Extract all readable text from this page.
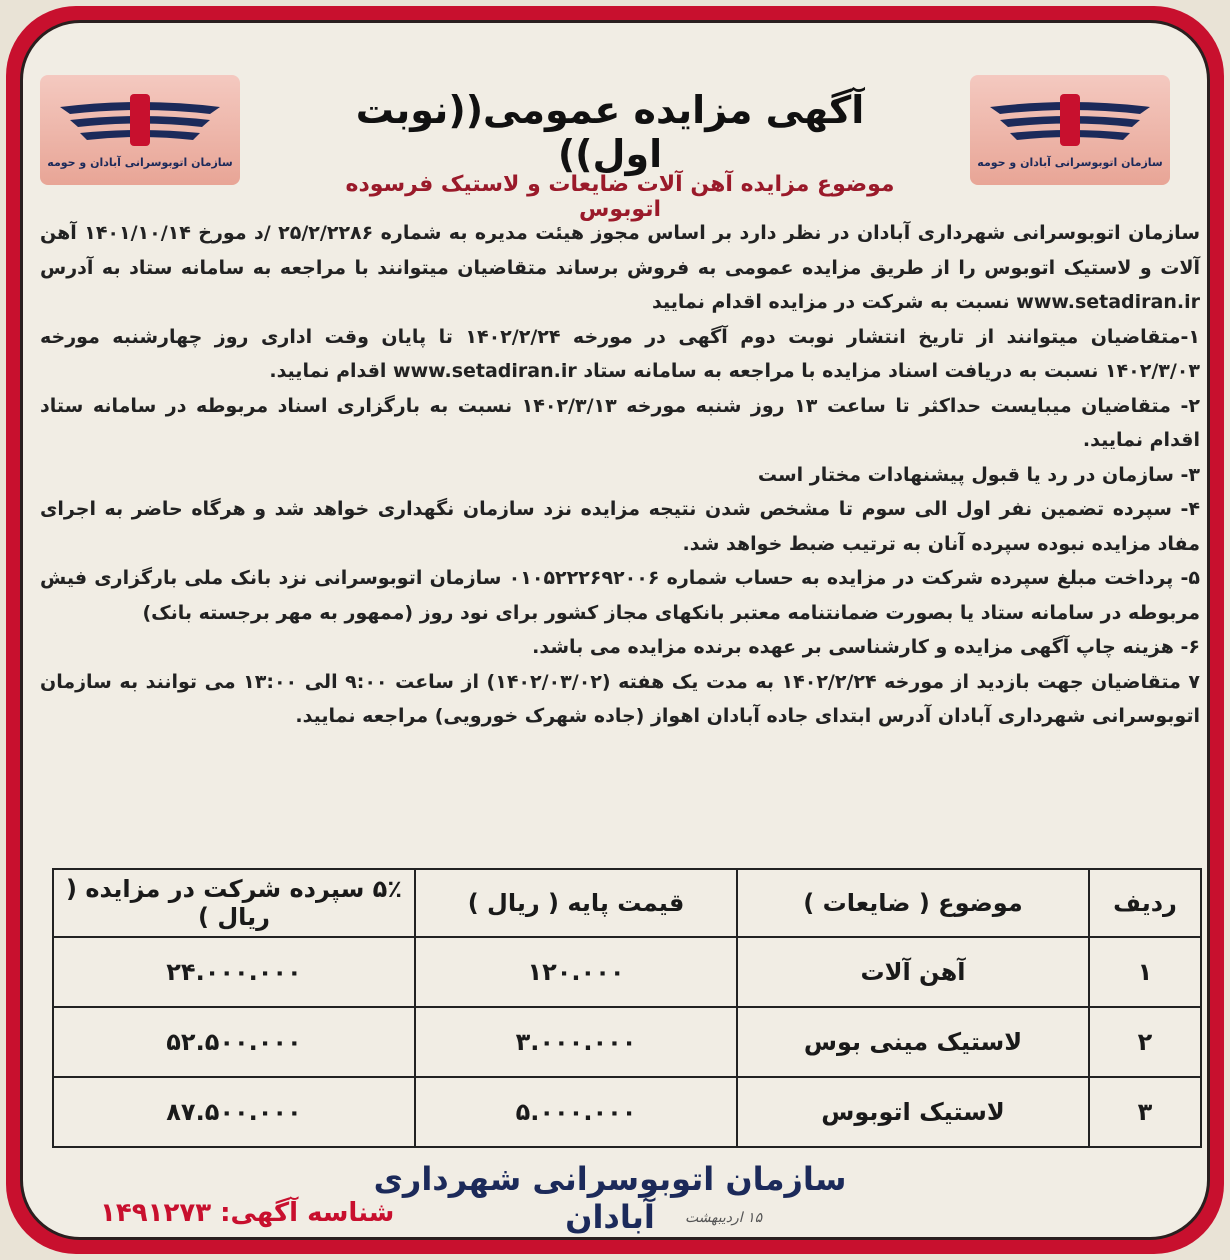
سازمان اتوبوسرانی آبادان و حومه
سازمان اتوبوسرانی آبادان و حومه
آگهی مزایده عمومی((نوبت اول))
موضوع مزایده آهن آلات ضایعات و لاستیک فرسوده اتوبوس

سازمان اتوبوسرانی شهرداری آبادان در نظر دارد بر اساس مجوز هیئت مدیره به شماره ۲۵/۲/۲۲۸۶ /د مورخ ۱۴۰۱/۱۰/۱۴ آهن آلات و لاستیک اتوبوس را از طریق مزایده عمومی به فروش برساند متقاضیان میتوانند با مراجعه به سامانه ستاد به آدرس www.setadiran.ir نسبت به شرکت در مزایده اقدام نمایید

۱-متقاضیان میتوانند از تاریخ انتشار نوبت دوم آگهی در مورخه ۱۴۰۲/۲/۲۴ تا پایان وقت اداری روز چهارشنبه مورخه ۱۴۰۲/۳/۰۳ نسبت به دریافت اسناد مزایده با مراجعه به سامانه ستاد www.setadiran.ir اقدام نمایید.

۲- متقاضیان میبایست حداکثر تا ساعت ۱۳ روز شنبه مورخه ۱۴۰۲/۳/۱۳ نسبت به بارگزاری اسناد مربوطه در سامانه ستاد اقدام نمایید.

۳- سازمان در رد یا قبول پیشنهادات مختار است

۴- سپرده تضمین نفر اول الی سوم تا مشخص شدن نتیجه مزایده نزد سازمان نگهداری خواهد شد و هرگاه حاضر به اجرای مفاد مزایده نبوده سپرده آنان به ترتیب ضبط خواهد شد.

۵- پرداخت مبلغ سپرده شرکت در مزایده به حساب شماره ۰۱۰۵۲۲۲۶۹۲۰۰۶ سازمان اتوبوسرانی نزد بانک ملی بارگزاری فیش مربوطه در سامانه ستاد یا بصورت ضمانتنامه معتبر بانکهای مجاز کشور برای نود روز (ممهور به مهر برجسته بانک)

۶- هزینه چاپ آگهی مزایده و کارشناسی بر عهده برنده مزایده می باشد.

۷ متقاضیان جهت بازدید از مورخه ۱۴۰۲/۲/۲۴ به مدت یک هفته (۱۴۰۲/۰۳/۰۲) از ساعت ۹:۰۰ الی ۱۳:۰۰ می توانند به سازمان اتوبوسرانی شهرداری آبادان آدرس ابتدای جاده آبادان اهواز (جاده شهرک خورویی) مراجعه نمایید.

ردیف	موضوع ( ضایعات )	قیمت پایه ( ریال )	۵٪ سپرده شرکت در مزایده ( ریال )
۱	آهن آلات	۱۲۰.۰۰۰	۲۴.۰۰۰.۰۰۰
۲	لاستیک مینی بوس	۳.۰۰۰.۰۰۰	۵۲.۵۰۰.۰۰۰
۳	لاستیک اتوبوس	۵.۰۰۰.۰۰۰	۸۷.۵۰۰.۰۰۰
سازمان اتوبوسرانی شهرداری آبادان	۱۵ اردیبهشت
شناسه آگهی: ۱۴۹۱۲۷۳
